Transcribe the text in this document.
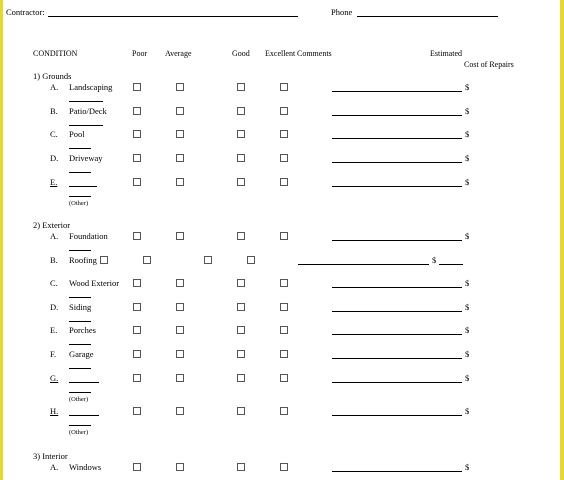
Contractor:	Phone
CONDITION	Poor Average	Good Excellent Comments	Estimated
Cost of Repairs
1) Grounds
A. Landscaping	$
B. Patio/Deck	$
C. Pool	$
D. Driveway	$
E.	$
(Other)
2) Exterior
A. Foundation	$
B. Roofing	$
C. Wood Exterior	$
D. Siding	$
E. Porches	$
F. Garage	$
G.	$
(Other)
H.	$
(Other)
3) Interior
A. Windows	$
